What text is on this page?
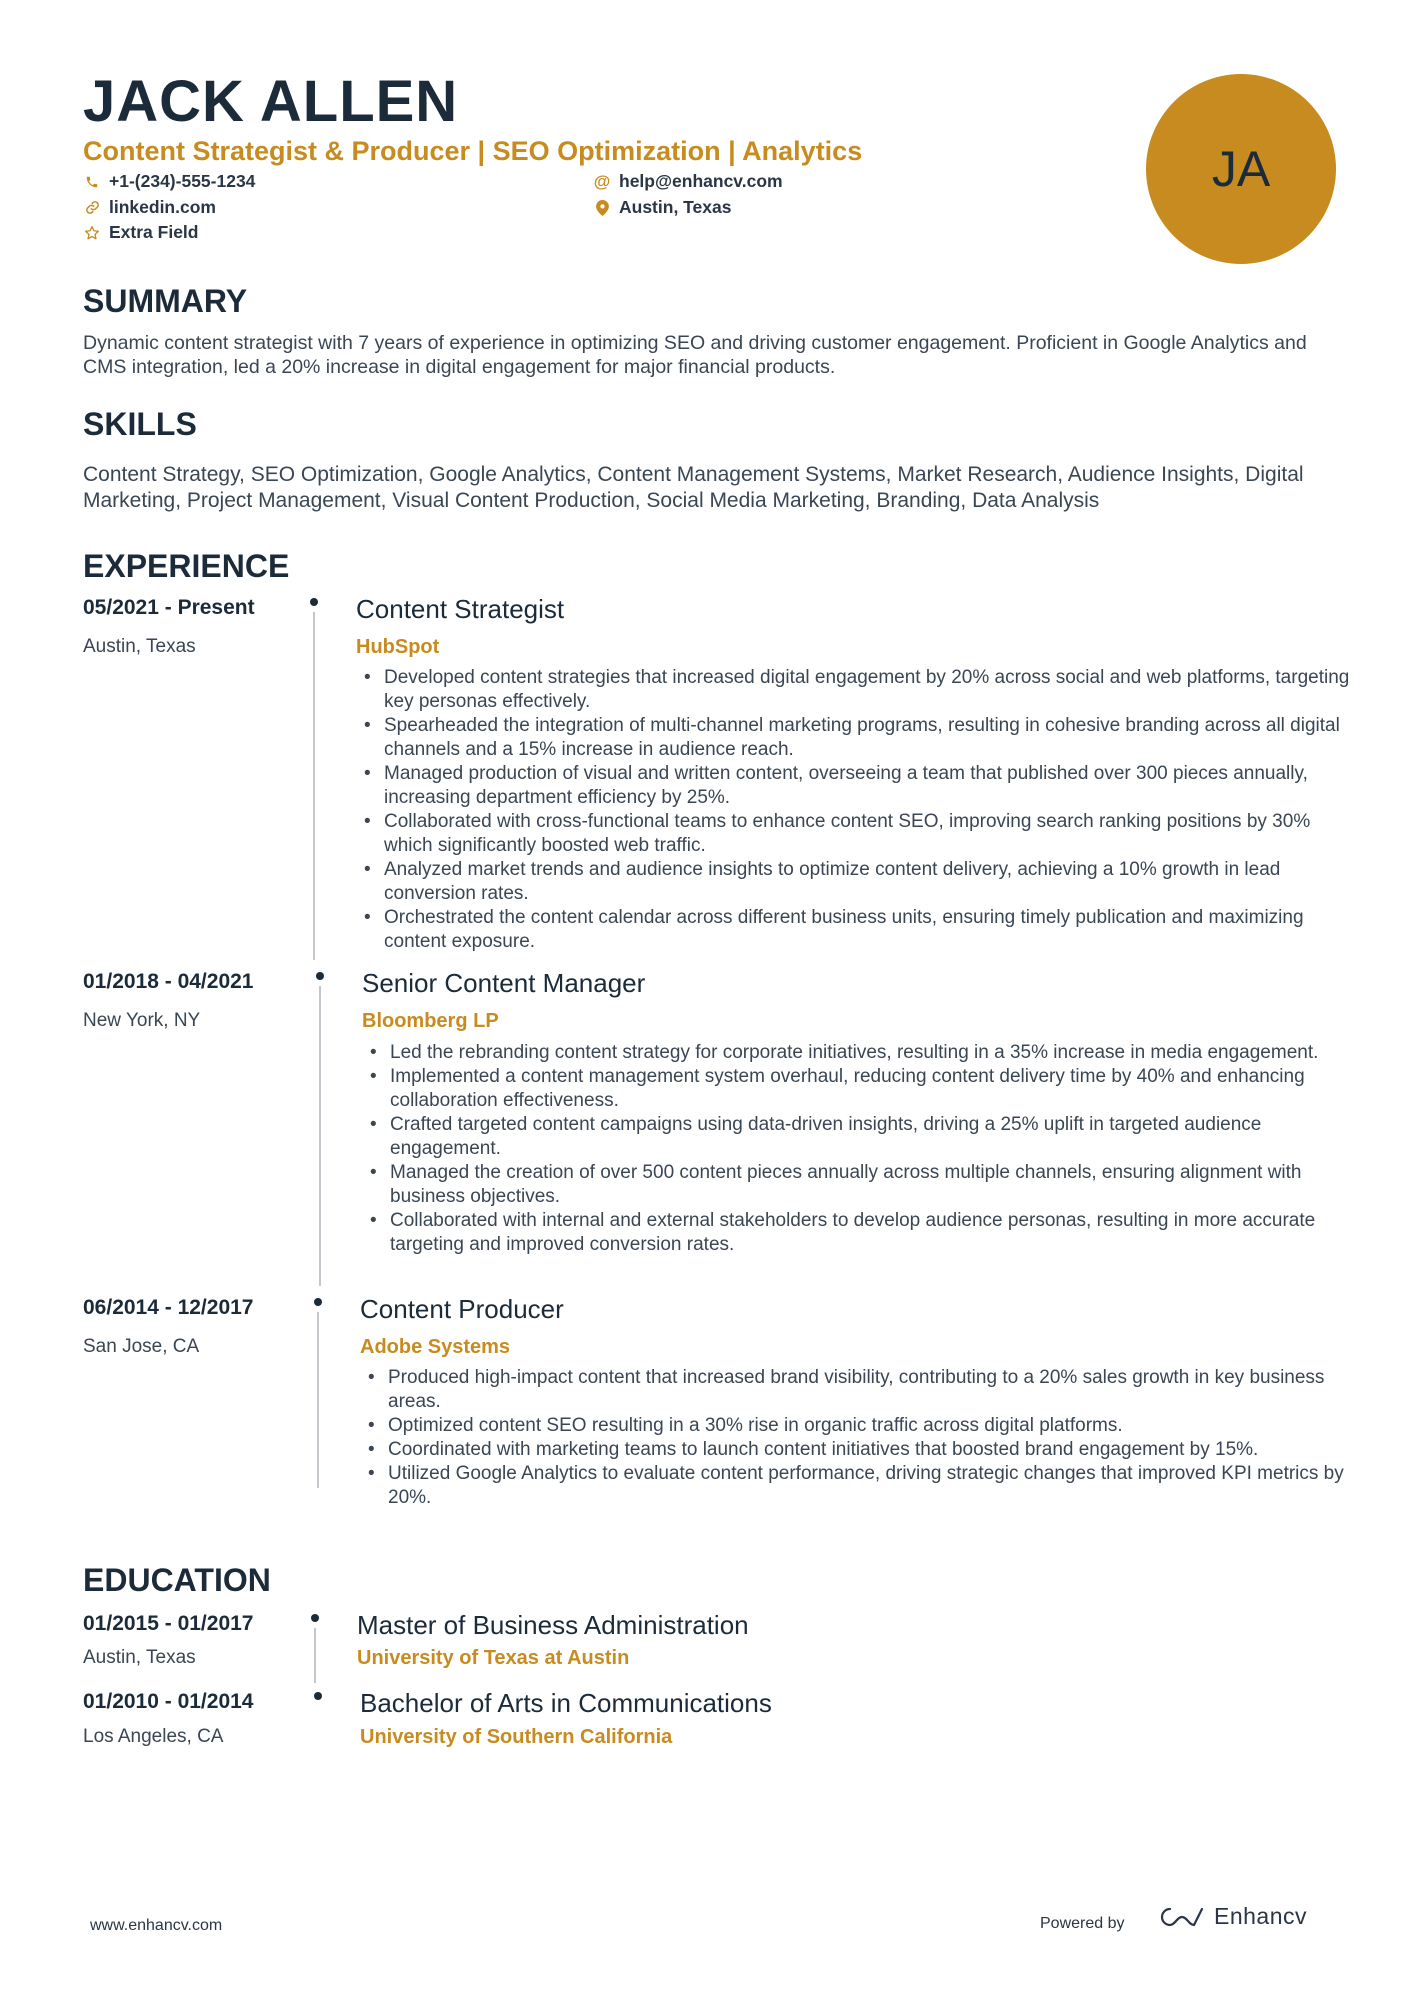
JACK ALLEN
Content Strategist & Producer | SEO Optimization | Analytics
+1-(234)-555-1234	@ help@enhancv.com
linkedin.com	Austin, Texas
Extra Field
JA
SUMMARY

Dynamic content strategist with 7 years of experience in optimizing SEO and driving customer engagement. Proficient in Google Analytics and CMS integration, led a 20% increase in digital engagement for major financial products.

SKILLS

Content Strategy, SEO Optimization, Google Analytics, Content Management Systems, Market Research, Audience Insights, Digital Marketing, Project Management, Visual Content Production, Social Media Marketing, Branding, Data Analysis

EXPERIENCE
05/2021 - Present
Austin, Texas
Content Strategist
HubSpot
• Developed content strategies that increased digital engagement by 20% across social and web platforms, targeting key personas effectively.
• Spearheaded the integration of multi-channel marketing programs, resulting in cohesive branding across all digital channels and a 15% increase in audience reach.
• Managed production of visual and written content, overseeing a team that published over 300 pieces annually, increasing department efficiency by 25%.
• Collaborated with cross-functional teams to enhance content SEO, improving search ranking positions by 30% which significantly boosted web traffic.
• Analyzed market trends and audience insights to optimize content delivery, achieving a 10% growth in lead conversion rates.
• Orchestrated the content calendar across different business units, ensuring timely publication and maximizing content exposure.
01/2018 - 04/2021
New York, NY
Senior Content Manager
Bloomberg LP
• Led the rebranding content strategy for corporate initiatives, resulting in a 35% increase in media engagement.
• Implemented a content management system overhaul, reducing content delivery time by 40% and enhancing collaboration effectiveness.
• Crafted targeted content campaigns using data-driven insights, driving a 25% uplift in targeted audience engagement.
• Managed the creation of over 500 content pieces annually across multiple channels, ensuring alignment with business objectives.
• Collaborated with internal and external stakeholders to develop audience personas, resulting in more accurate targeting and improved conversion rates.
06/2014 - 12/2017
San Jose, CA
Content Producer
Adobe Systems
• Produced high-impact content that increased brand visibility, contributing to a 20% sales growth in key business areas.
• Optimized content SEO resulting in a 30% rise in organic traffic across digital platforms.
• Coordinated with marketing teams to launch content initiatives that boosted brand engagement by 15%.
• Utilized Google Analytics to evaluate content performance, driving strategic changes that improved KPI metrics by 20%.
EDUCATION
01/2015 - 01/2017
Austin, Texas
Master of Business Administration
University of Texas at Austin
01/2010 - 01/2014
Los Angeles, CA
Bachelor of Arts in Communications
University of Southern California
www.enhancv.com	Powered by	Enhancv
